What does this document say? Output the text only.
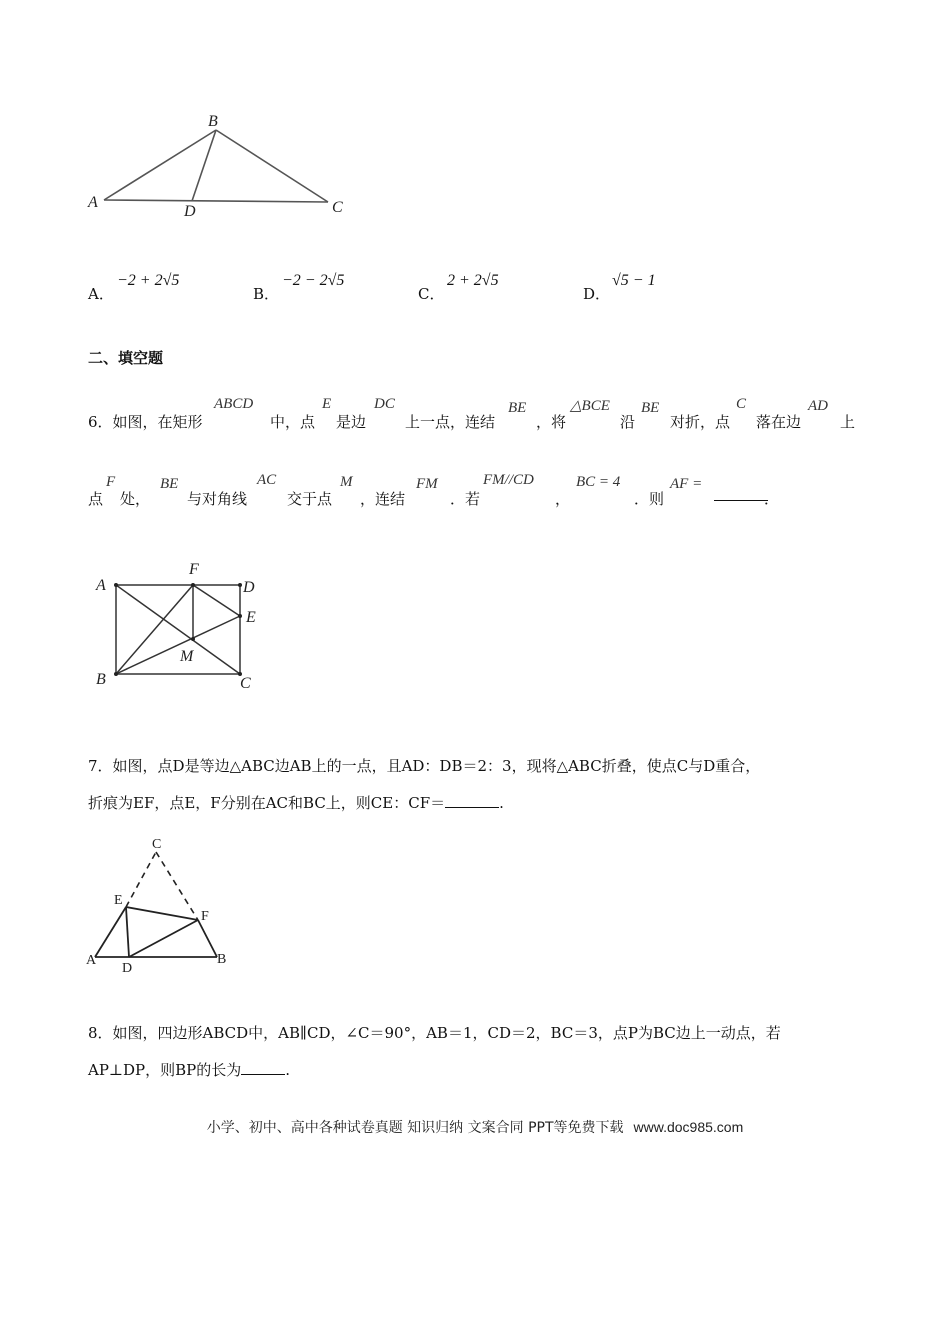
B
A
D	C
A．
−2 + 2√5
B．
−2 − 2√5
C．
2 + 2√5
D．
√5 − 1
二、填空题
6．如图，在矩形
ABCD
中，点
E
是边
DC
上一点，连结
BE
，将
△BCE
沿
BE
对折，点
C
落在边
AD
上
点
F
处，
BE
与对角线
AC
交于点
M
，连结
FM
．若
FM//CD
，
BC = 4
．则
AF =
．
A
F
D
E
M
B	C
7．如图，点D是等边△ABC边AB上的一点，且AD：DB＝2：3，现将△ABC折叠，使点C与D重合，
折痕为EF，点E，F分别在AC和BC上，则CE：CF＝	.
C
E
F
A
D
B
8．如图，四边形ABCD中，AB∥CD，∠C＝90°，AB＝1，CD＝2，BC＝3，点P为BC边上一动点，若
AP⊥DP，则BP的长为	.
小学、初中、高中各种试卷真题 知识归纳 文案合同 PPT等免费下载 www.doc985.com
